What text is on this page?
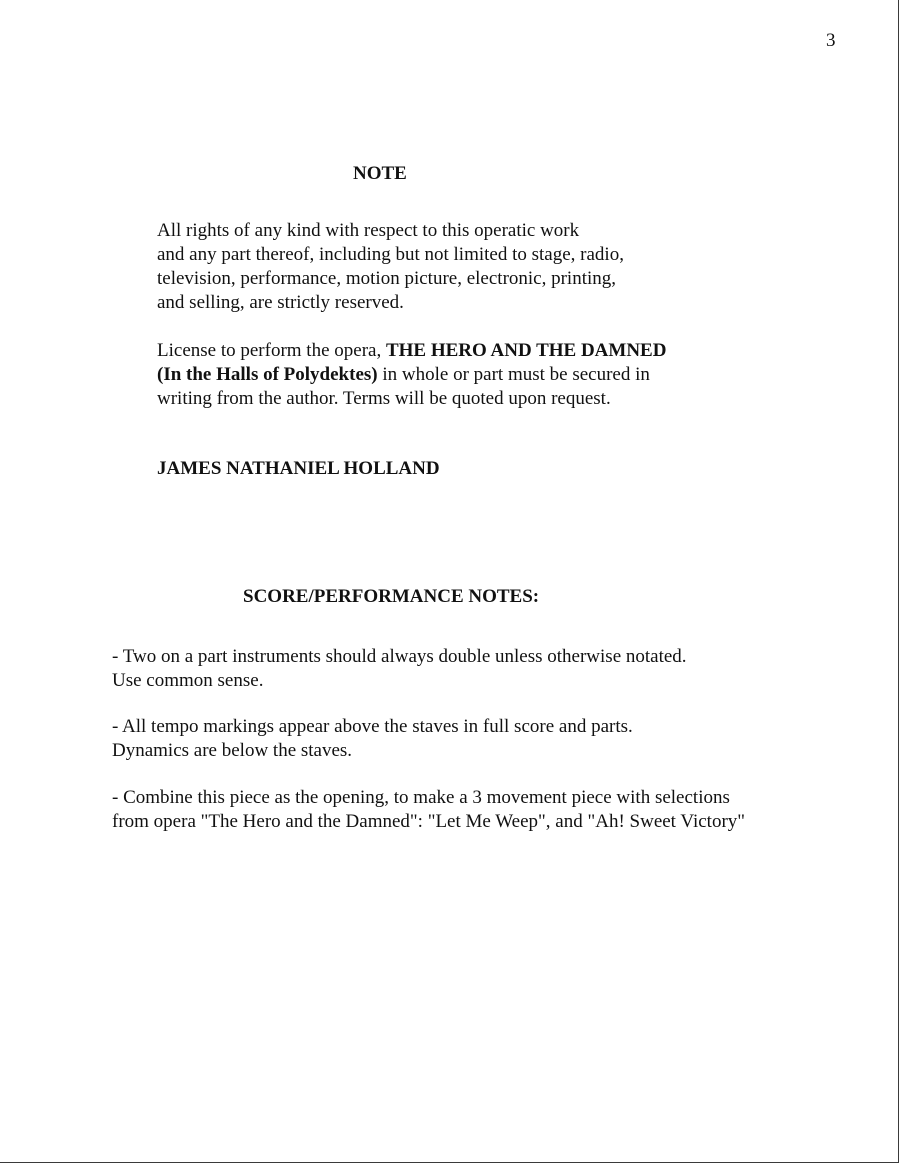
3
NOTE
All rights of any kind with respect to this operatic work
and any part thereof, including but not limited to stage, radio,
television, performance, motion picture, electronic, printing,
and selling, are strictly reserved.
License to perform the opera, THE HERO AND THE DAMNED
(In the Halls of Polydektes) in whole or part must be secured in
writing from the author. Terms will be quoted upon request.
JAMES NATHANIEL HOLLAND
SCORE/PERFORMANCE NOTES:
- Two on a part instruments should always double unless otherwise notated.
Use common sense.
- All tempo markings appear above the staves in full score and parts.
Dynamics are below the staves.
- Combine this piece as the opening, to make a 3 movement piece with selections
from opera "The Hero and the Damned": "Let Me Weep", and "Ah! Sweet Victory"
